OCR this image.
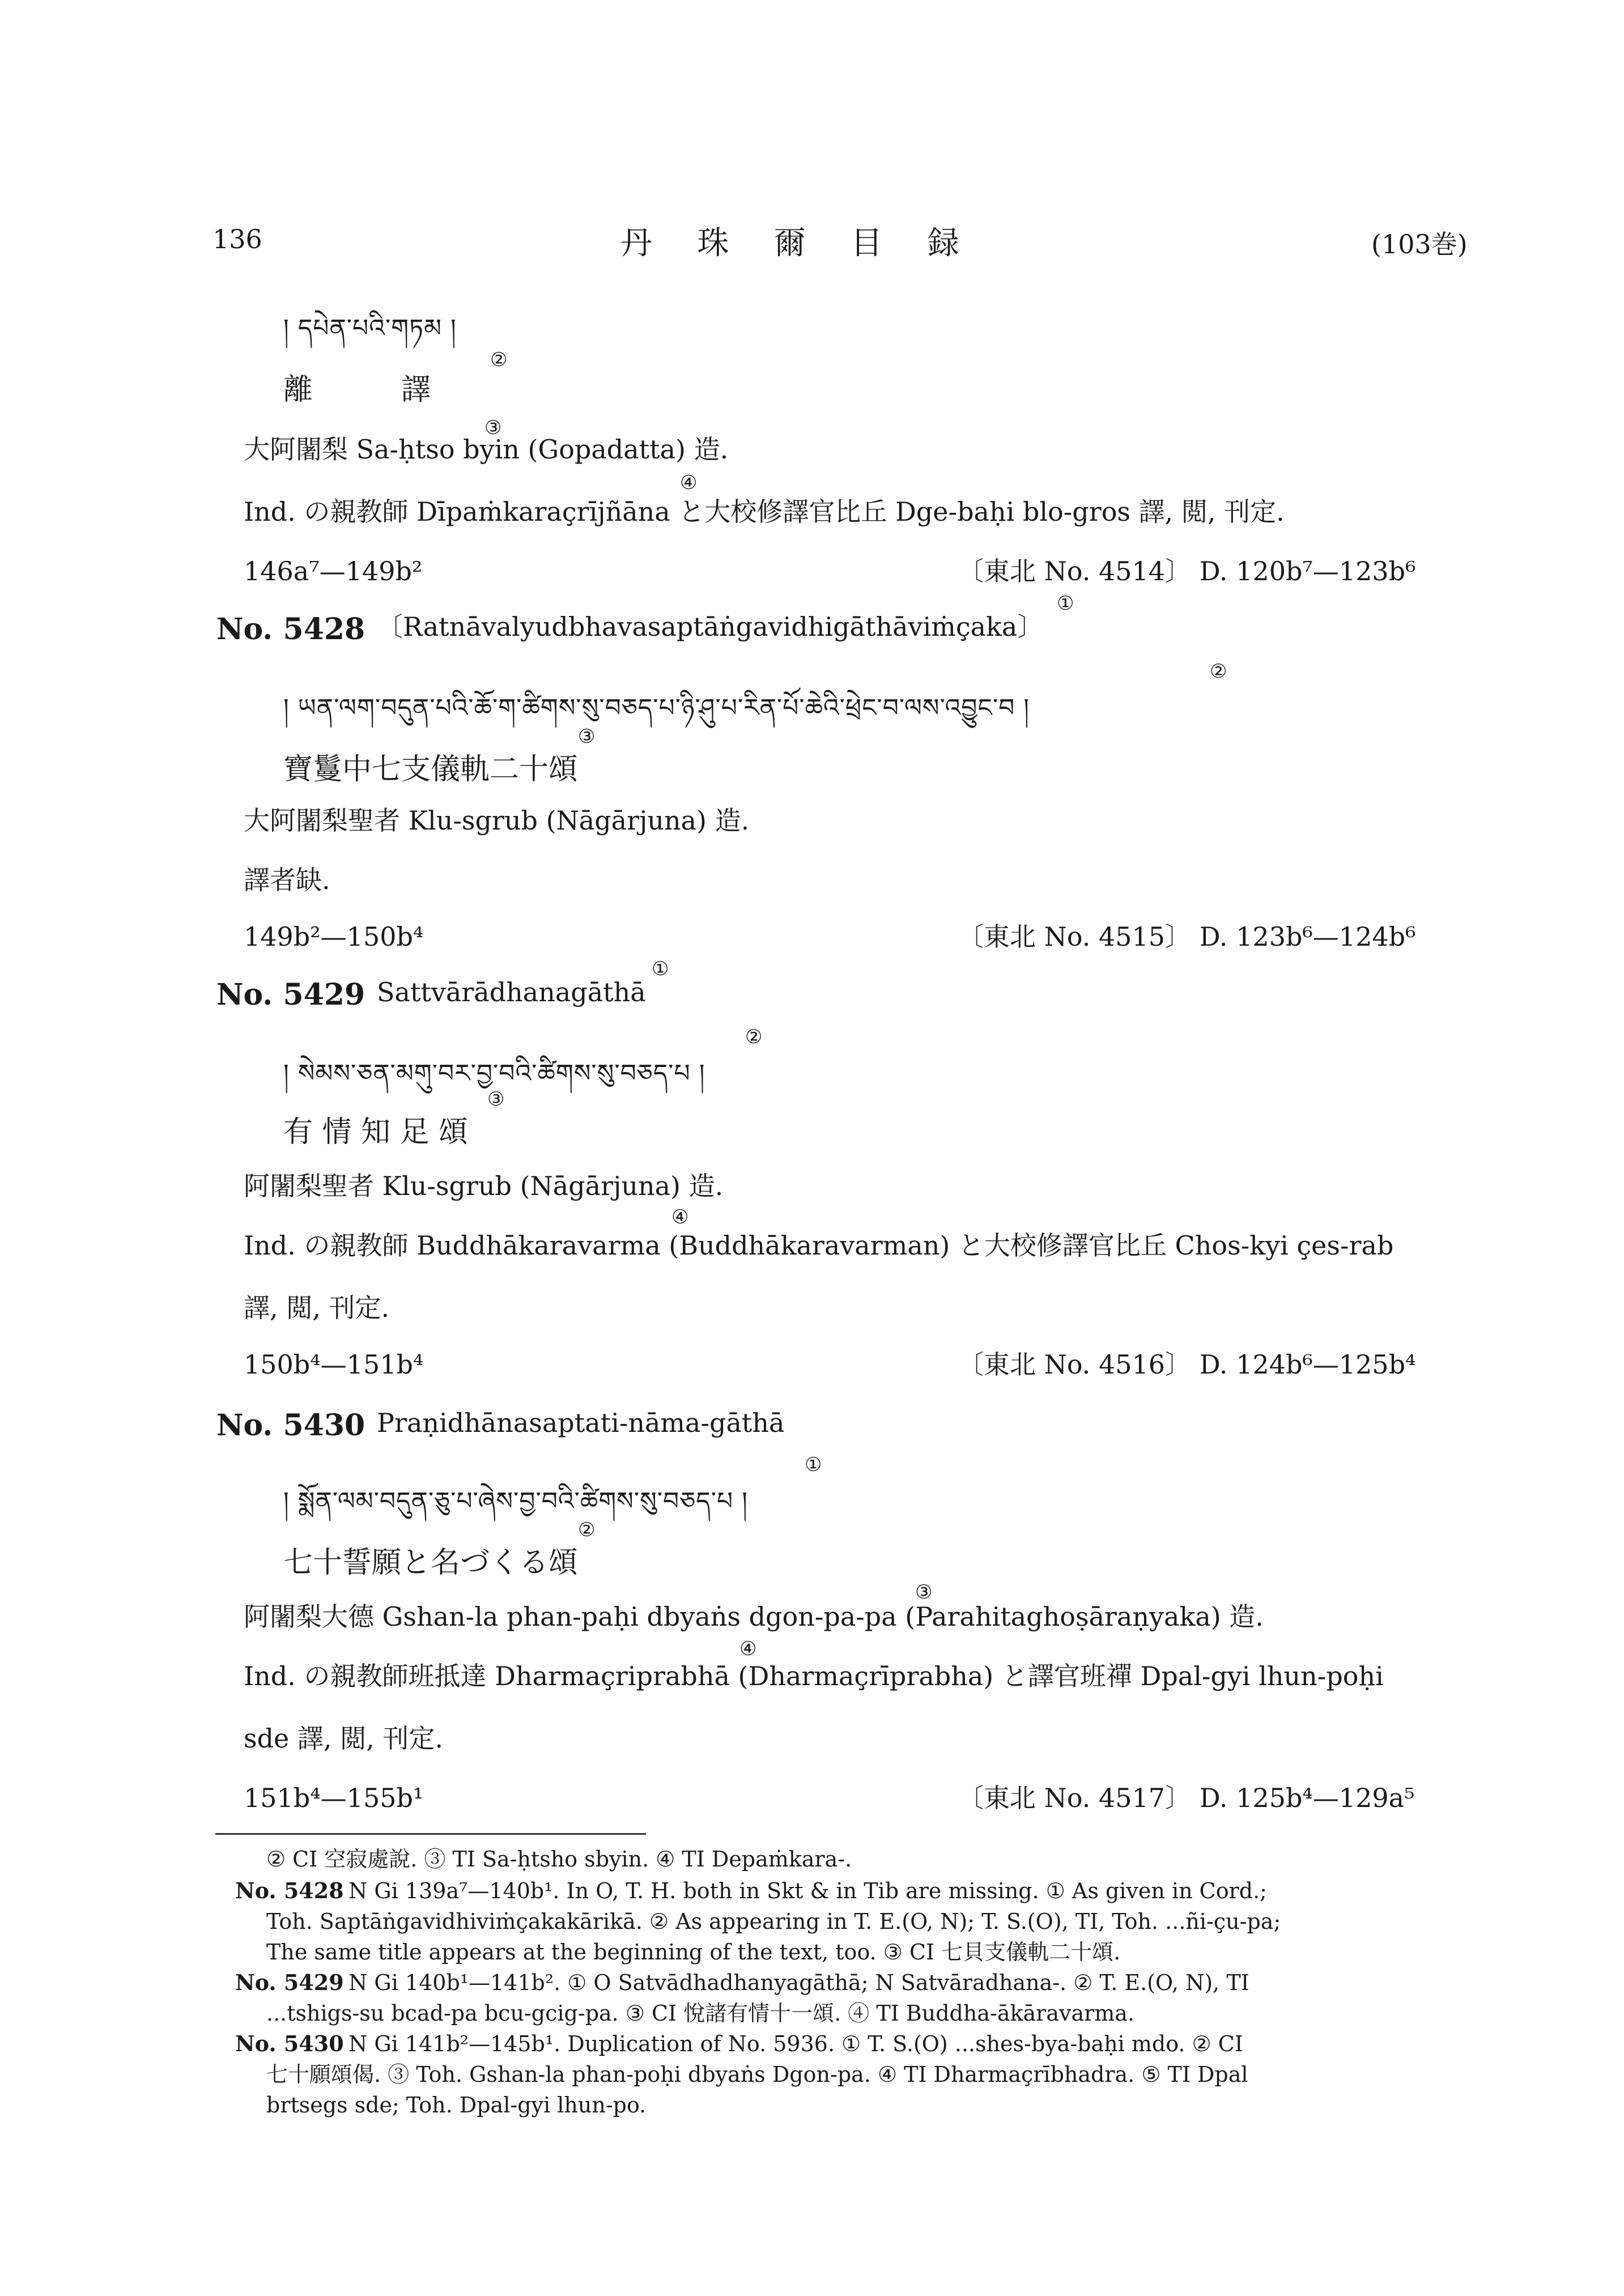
136	丹 珠 爾 目 録	(103巻)
། དཔེན་པའི་གཏམ །
離　　　譯
②
大阿闍梨 Sa-ḥtso byin (Gopadatta) 造.
③
Ind. の親教師 Dīpaṁkaraçrījñāna と大校修譯官比丘 Dge-baḥi blo-gros 譯, 閲, 刊定.
④
146a⁷—149b²	〔東北 No. 4514〕 D. 120b⁷—123b⁶
No. 5428 〔Ratnāvalyudbhavasaptāṅgavidhigāthāviṁçaka〕
①
། ཡན་ལག་བདུན་པའི་ཆོ་ག་ཚིགས་སུ་བཅད་པ་ཉི་ཤུ་པ་རིན་པོ་ཆེའི་ཕྲེང་བ་ལས་འབྱུང་བ །
②
寶鬘中七支儀軌二十頌
③
大阿闍梨聖者 Klu-sgrub (Nāgārjuna) 造.
譯者缺.
149b²—150b⁴	〔東北 No. 4515〕 D. 123b⁶—124b⁶
No. 5429 Sattvārādhanagāthā
①
། སེམས་ཅན་མགུ་བར་བྱ་བའི་ཚིགས་སུ་བཅད་པ །
②
有 情 知 足 頌
③
阿闍梨聖者 Klu-sgrub (Nāgārjuna) 造.
Ind. の親教師 Buddhākaravarma (Buddhākaravarman) と大校修譯官比丘 Chos-kyi çes-rab
④
譯, 閲, 刊定.
150b⁴—151b⁴	〔東北 No. 4516〕 D. 124b⁶—125b⁴
No. 5430 Praṇidhānasaptati-nāma-gāthā
། སྨོན་ལམ་བདུན་ཅུ་པ་ཞེས་བྱ་བའི་ཚིགས་སུ་བཅད་པ །
①
七十誓願と名づくる頌
②
阿闍梨大德 Gshan-la phan-paḥi dbyaṅs dgon-pa-pa (Parahitaghoṣāraṇyaka) 造.
③
Ind. の親教師班抵達 Dharmaçriprabhā (Dharmaçrīprabha) と譯官班禪 Dpal-gyi lhun-poḥi
④
sde 譯, 閲, 刊定.
151b⁴—155b¹	〔東北 No. 4517〕 D. 125b⁴—129a⁵
② CI 空寂處說. ③ TI Sa-ḥtsho sbyin. ④ TI Depaṁkara-.
No. 5428 N Gi 139a⁷—140b¹. In O, T. H. both in Skt & in Tib are missing. ① As given in Cord.;
Toh. Saptāṅgavidhiviṁçakakārikā. ② As appearing in T. E.(O, N); T. S.(O), TI, Toh. ...ñi-çu-pa;
The same title appears at the beginning of the text, too. ③ CI 七貝支儀軌二十頌.
No. 5429 N Gi 140b¹—141b². ① O Satvādhadhanyagāthā; N Satvāradhana-. ② T. E.(O, N), TI
...tshigs-su bcad-pa bcu-gcig-pa. ③ CI 悅諸有情十一頌. ④ TI Buddha-ākāravarma.
No. 5430 N Gi 141b²—145b¹. Duplication of No. 5936. ① T. S.(O) ...shes-bya-baḥi mdo. ② CI
七十願頌偈. ③ Toh. Gshan-la phan-poḥi dbyaṅs Dgon-pa. ④ TI Dharmaçrībhadra. ⑤ TI Dpal
brtsegs sde; Toh. Dpal-gyi lhun-po.
